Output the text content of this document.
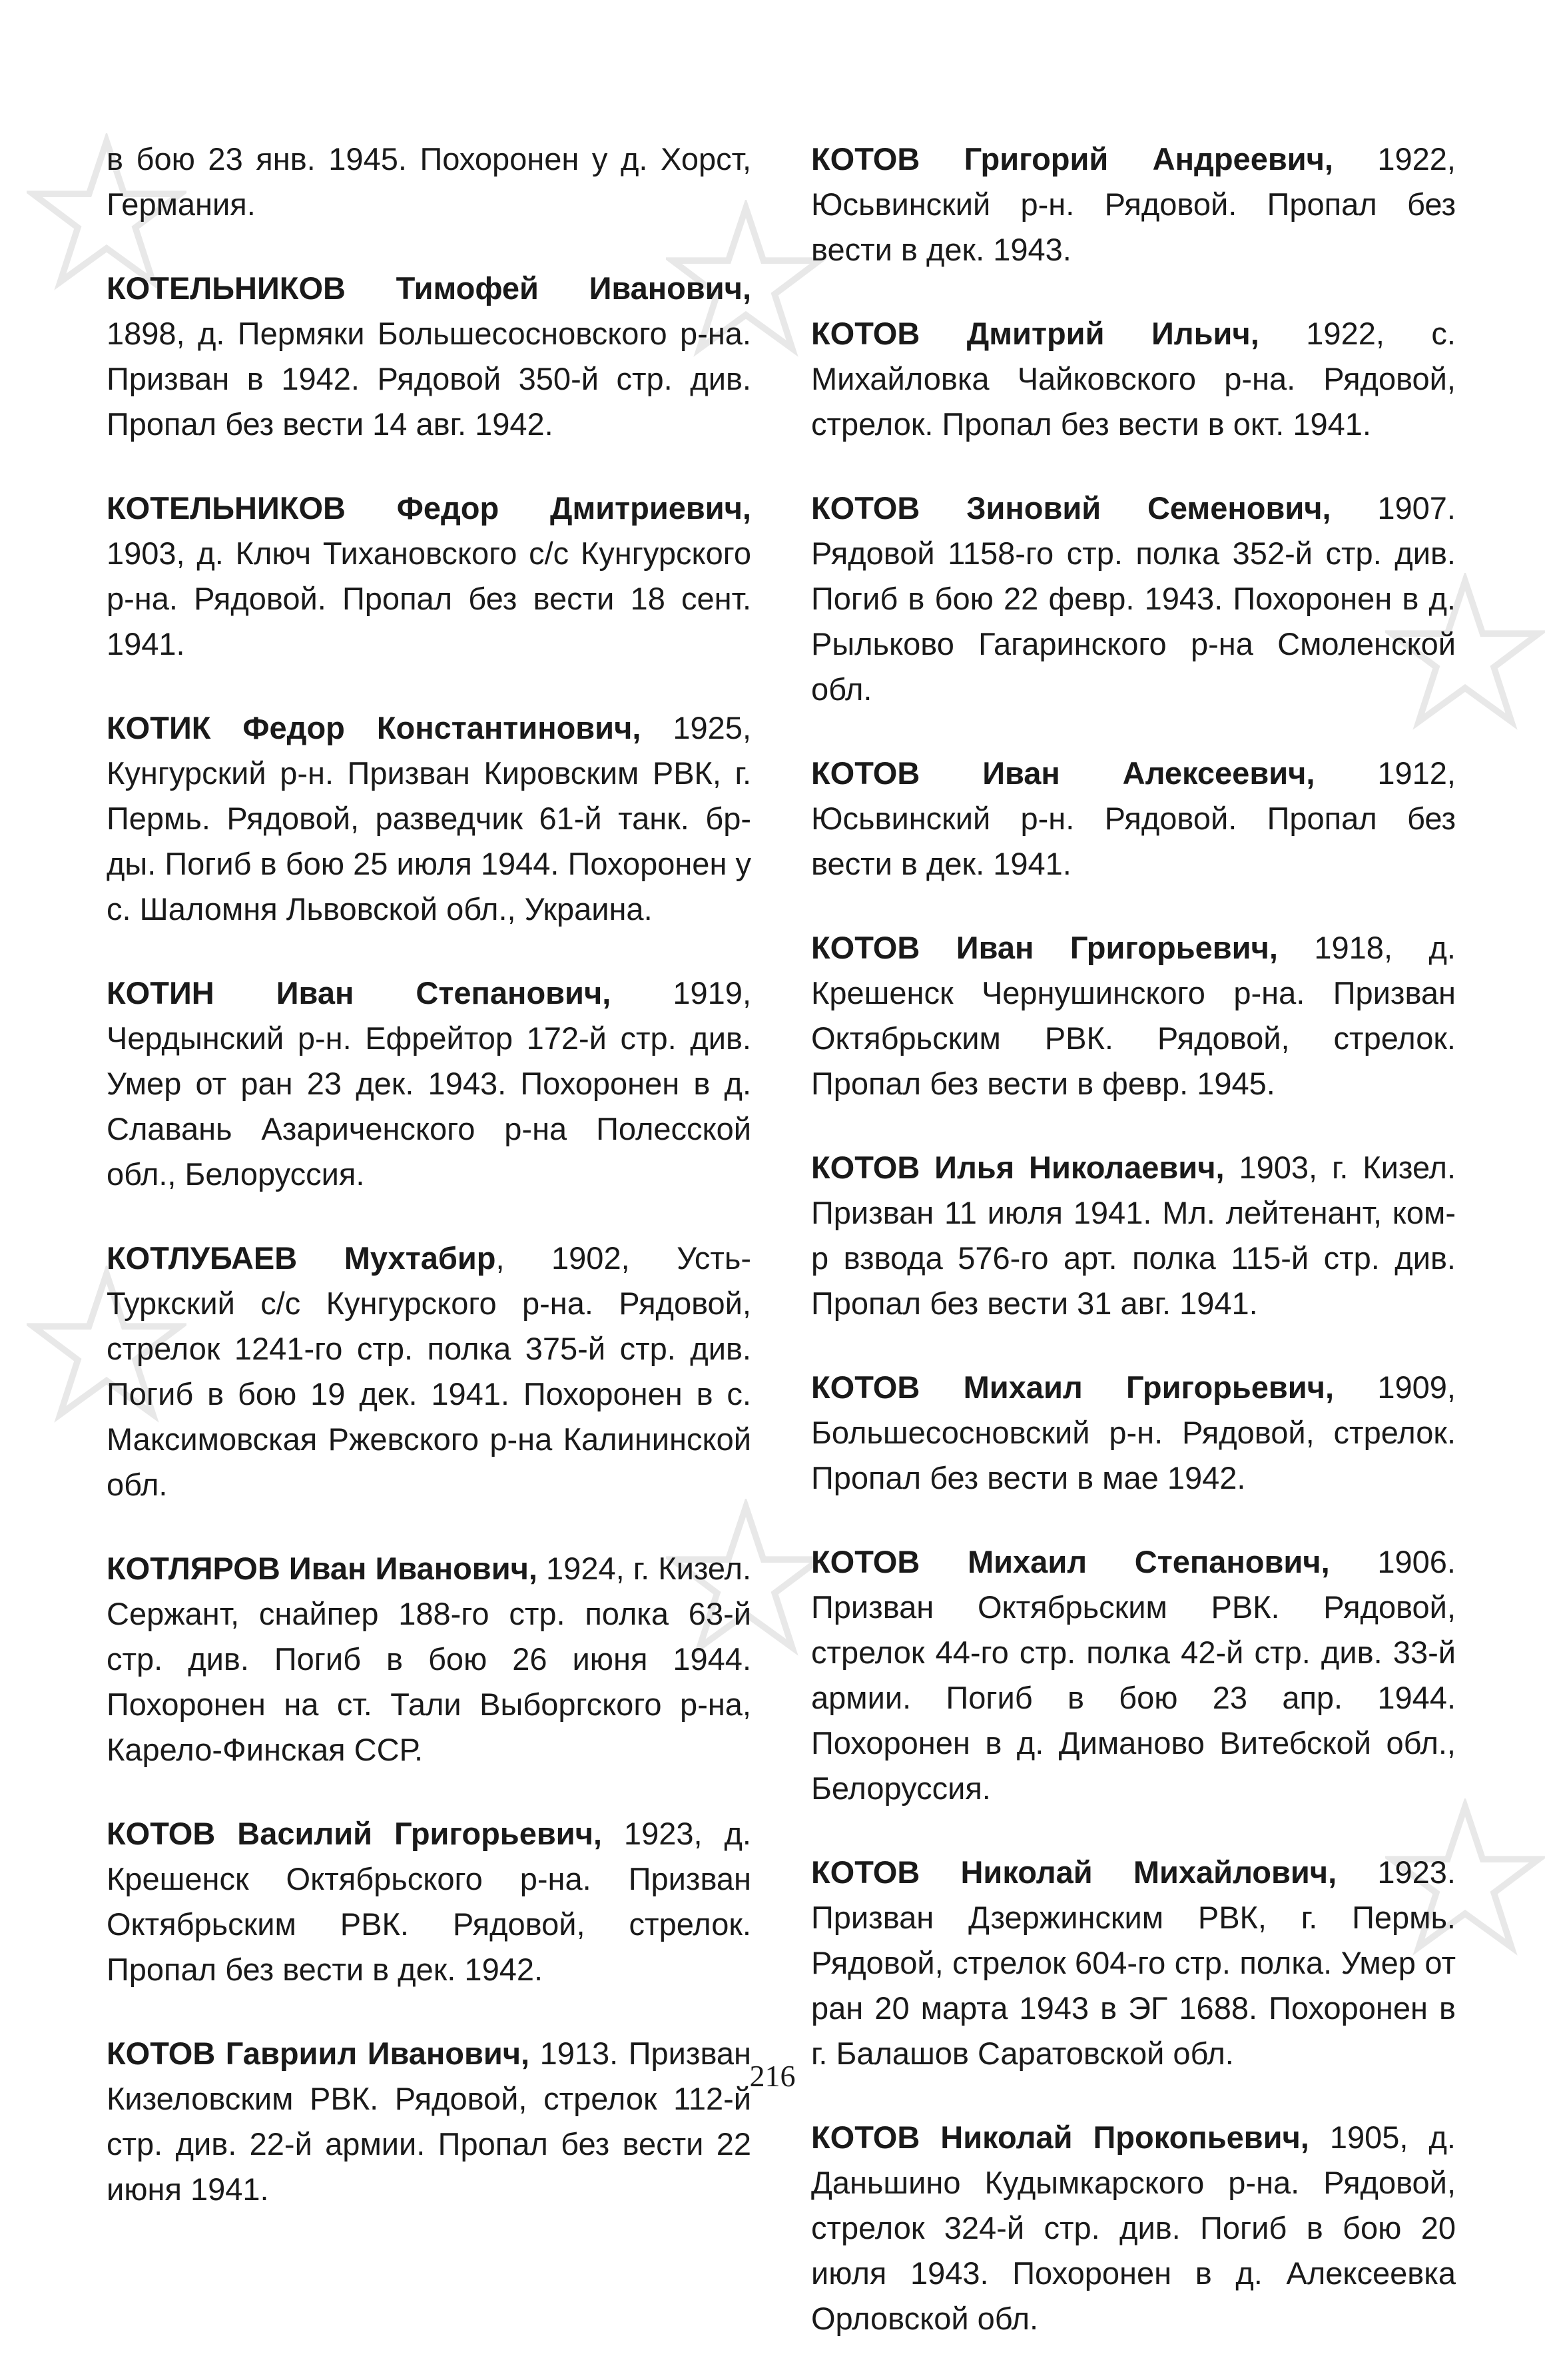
в бою 23 янв. 1945. Похоронен у д. Хорст, Германия.
КОТЕЛЬНИКОВ Тимофей Иванович, 1898, д. Пермяки Большесосновского р-на. Призван в 1942. Рядовой 350-й стр. див. Пропал без вести 14 авг. 1942.
КОТЕЛЬНИКОВ Федор Дмитриевич, 1903, д. Ключ Тихановского с/с Кунгурского р-на. Рядовой. Пропал без вести 18 сент. 1941.
КОТИК Федор Константинович, 1925, Кунгурский р-н. Призван Кировским РВК, г. Пермь. Рядовой, разведчик 61-й танк. бр-ды. Погиб в бою 25 июля 1944. Похоронен у с. Шаломня Львовской обл., Украина.
КОТИН Иван Степанович, 1919, Чердынский р-н. Ефрейтор 172-й стр. див. Умер от ран 23 дек. 1943. Похоронен в д. Славань Азариченского р-на Полесской обл., Белоруссия.
КОТЛУБАЕВ Мухтабир, 1902, Усть-Туркский с/с Кунгурского р-на. Рядовой, стрелок 1241-го стр. полка 375-й стр. див. Погиб в бою 19 дек. 1941. Похоронен в с. Максимовская Ржевского р-на Калининской обл.
КОТЛЯРОВ Иван Иванович, 1924, г. Кизел. Сержант, снайпер 188-го стр. полка 63-й стр. див. Погиб в бою 26 июня 1944. Похоронен на ст. Тали Выборгского р-на, Карело-Финская ССР.
КОТОВ Василий Григорьевич, 1923, д. Крешенск Октябрьского р-на. Призван Октябрьским РВК. Рядовой, стрелок. Пропал без вести в дек. 1942.
КОТОВ Гавриил Иванович, 1913. Призван Кизеловским РВК. Рядовой, стрелок 112-й стр. див. 22-й армии. Пропал без вести 22 июня 1941.
КОТОВ Григорий Андреевич, 1922, Юсьвинский р-н. Рядовой. Пропал без вести в дек. 1943.
КОТОВ Дмитрий Ильич, 1922, с. Михайловка Чайковского р-на. Рядовой, стрелок. Пропал без вести в окт. 1941.
КОТОВ Зиновий Семенович, 1907. Рядовой 1158-го стр. полка 352-й стр. див. Погиб в бою 22 февр. 1943. Похоронен в д. Рыльково Гагаринского р-на Смоленской обл.
КОТОВ Иван Алексеевич, 1912, Юсьвинский р-н. Рядовой. Пропал без вести в дек. 1941.
КОТОВ Иван Григорьевич, 1918, д. Крешенск Чернушинского р-на. Призван Октябрьским РВК. Рядовой, стрелок. Пропал без вести в февр. 1945.
КОТОВ Илья Николаевич, 1903, г. Кизел. Призван 11 июля 1941. Мл. лейтенант, ком-р взвода 576-го арт. полка 115-й стр. див. Пропал без вести 31 авг. 1941.
КОТОВ Михаил Григорьевич, 1909, Большесосновский р-н. Рядовой, стрелок. Пропал без вести в мае 1942.
КОТОВ Михаил Степанович, 1906. Призван Октябрьским РВК. Рядовой, стрелок 44-го стр. полка 42-й стр. див. 33-й армии. Погиб в бою 23 апр. 1944. Похоронен в д. Диманово Витебской обл., Белоруссия.
КОТОВ Николай Михайлович, 1923. Призван Дзержинским РВК, г. Пермь. Рядовой, стрелок 604-го стр. полка. Умер от ран 20 марта 1943 в ЭГ 1688. Похоронен в г. Балашов Саратовской обл.
КОТОВ Николай Прокопьевич, 1905, д. Даньшино Кудымкарского р-на. Рядовой, стрелок 324-й стр. див. Погиб в бою 20 июля 1943. Похоронен в д. Алексеевка Орловской обл.
216
